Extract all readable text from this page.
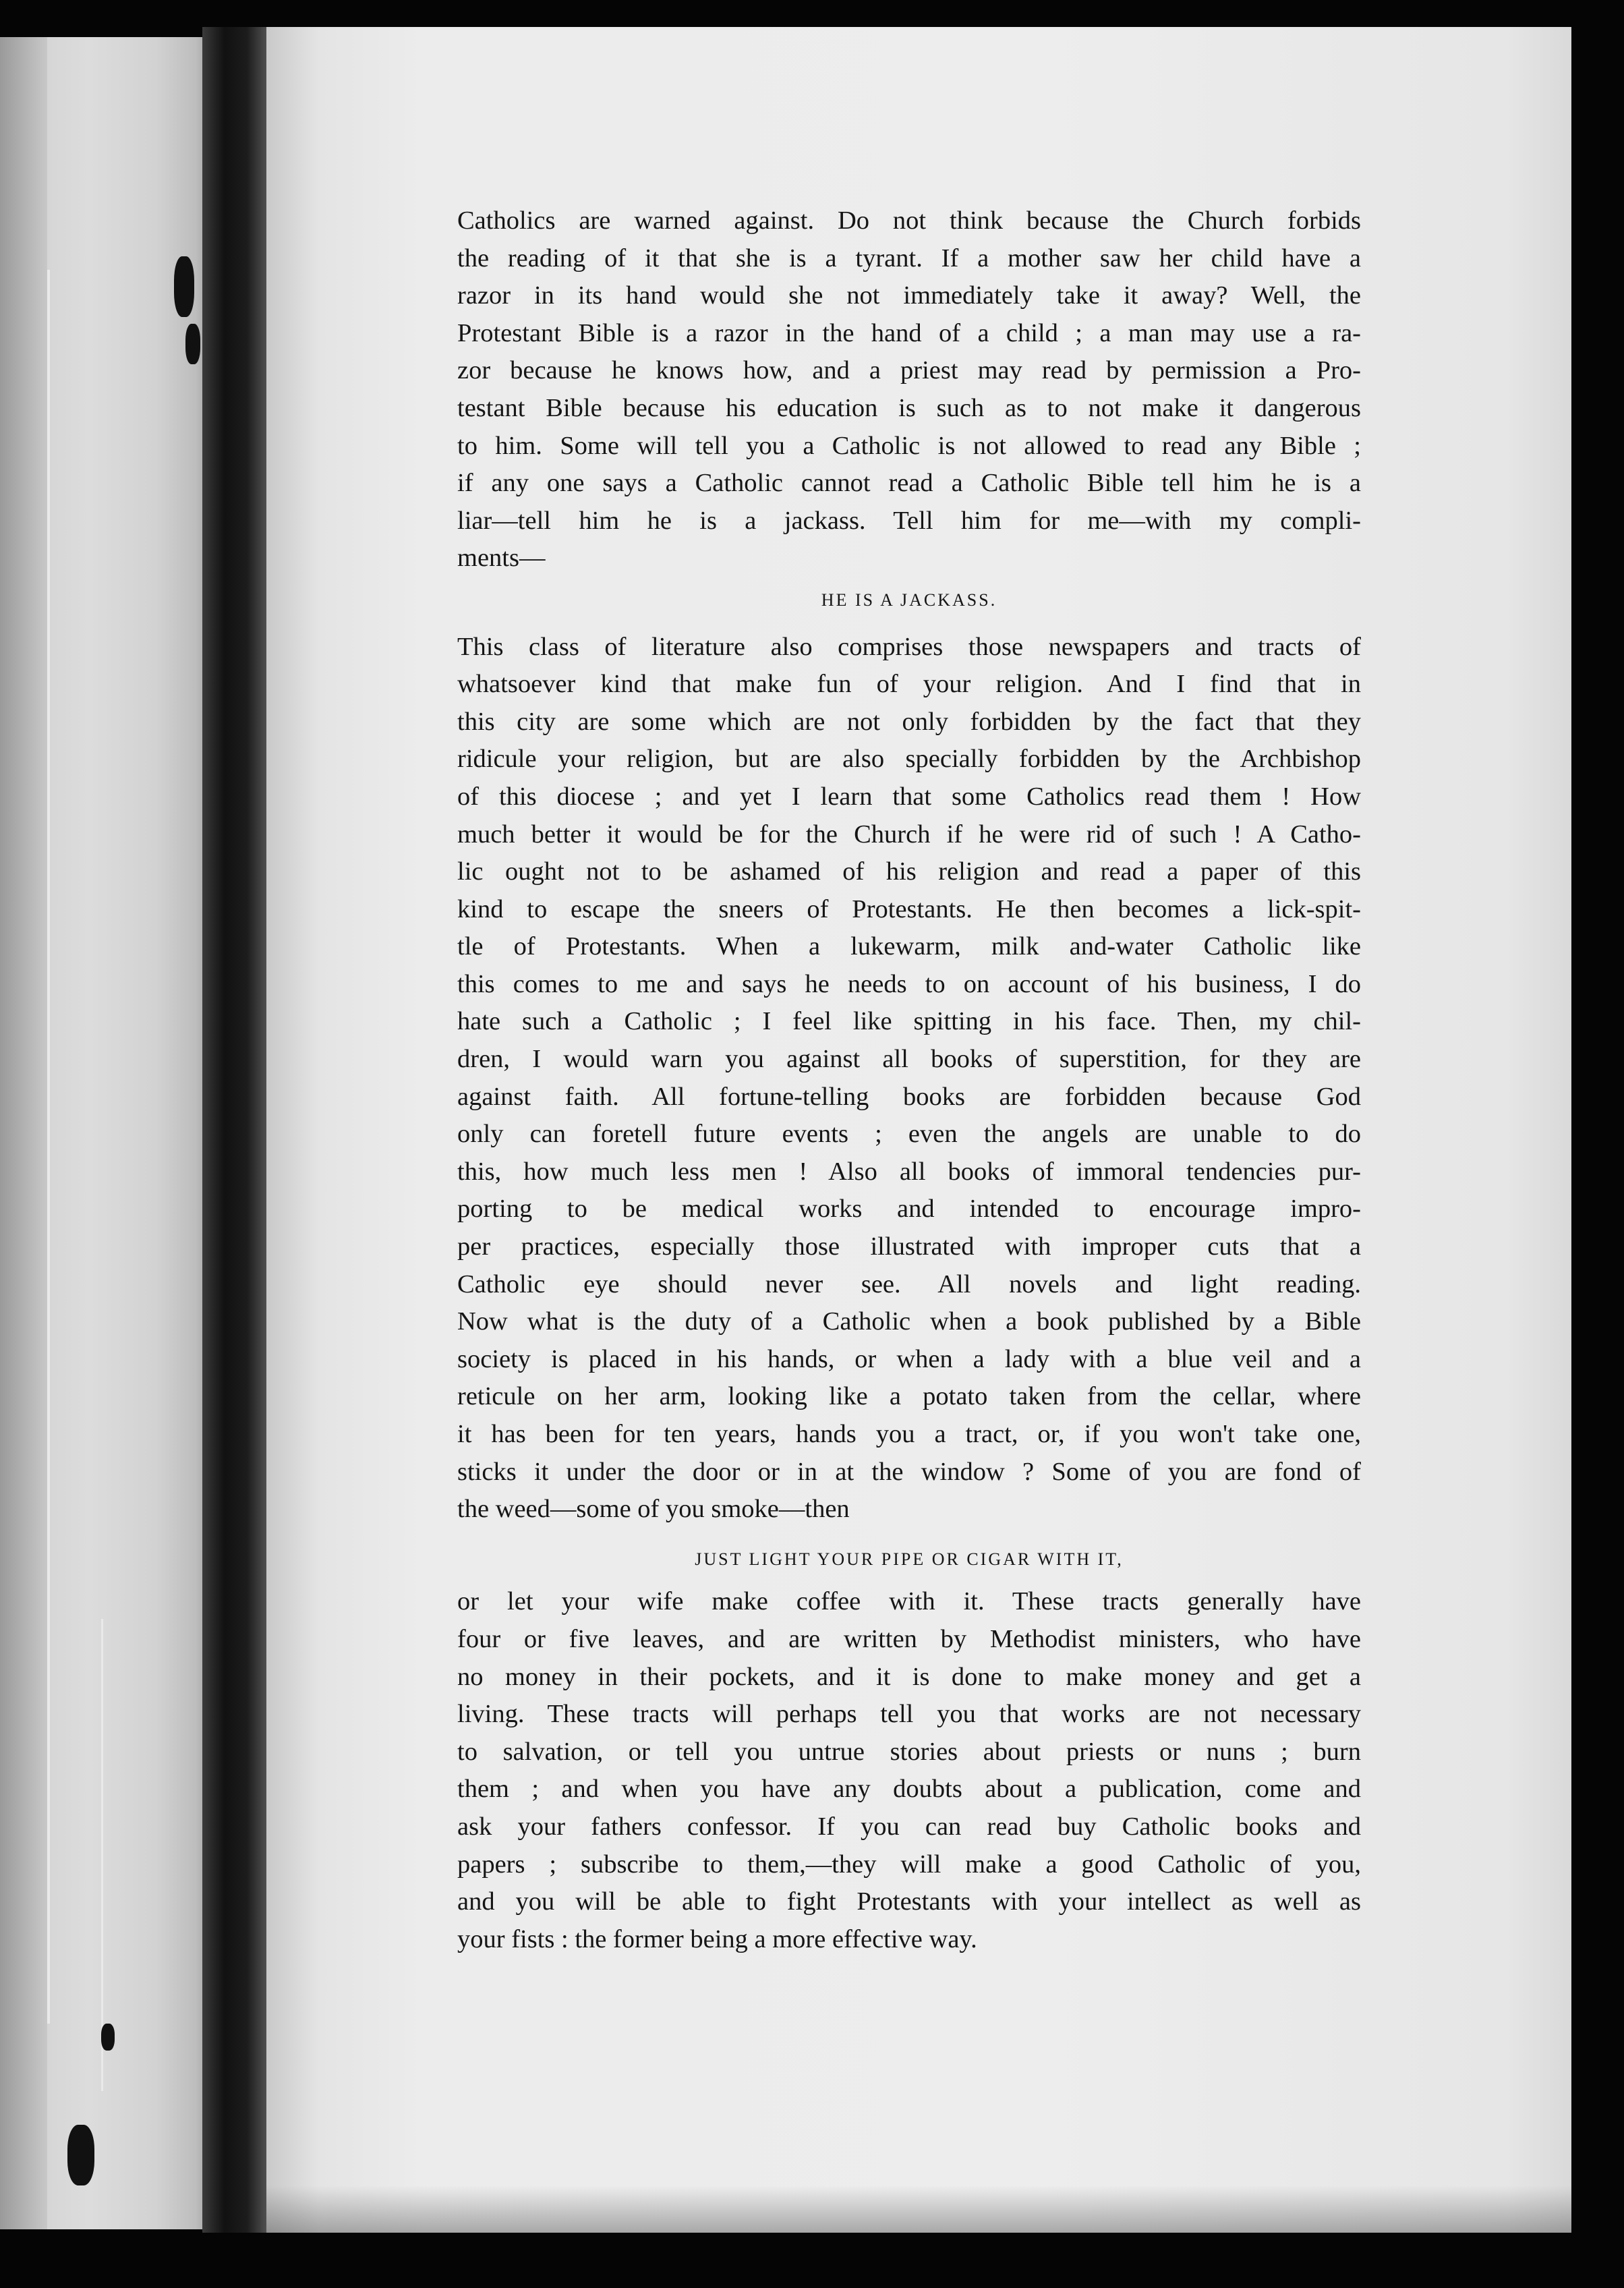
Catholics are warned against. Do not think because the Church forbids

the reading of it that she is a tyrant. If a mother saw her child have a

razor in its hand would she not immediately take it away? Well, the

Protestant Bible is a razor in the hand of a child ; a man may use a ra-

zor because he knows how, and a priest may read by permission a Pro-

testant Bible because his education is such as to not make it dangerous

to him. Some will tell you a Catholic is not allowed to read any Bible ;

if any one says a Catholic cannot read a Catholic Bible tell him he is a

liar—tell him he is a jackass. Tell him for me—with my compli-

ments—

HE IS A JACKASS.

This class of literature also comprises those newspapers and tracts of

whatsoever kind that make fun of your religion. And I find that in

this city are some which are not only forbidden by the fact that they

ridicule your religion, but are also specially forbidden by the Archbishop

of this diocese ; and yet I learn that some Catholics read them ! How

much better it would be for the Church if he were rid of such ! A Catho-

lic ought not to be ashamed of his religion and read a paper of this

kind to escape the sneers of Protestants. He then becomes a lick-spit-

tle of Protestants. When a lukewarm, milk and-water Catholic like

this comes to me and says he needs to on account of his business, I do

hate such a Catholic ; I feel like spitting in his face. Then, my chil-

dren, I would warn you against all books of superstition, for they are

against faith. All fortune-telling books are forbidden because God

only can foretell future events ; even the angels are unable to do

this, how much less men ! Also all books of immoral tendencies pur-

porting to be medical works and intended to encourage impro-

per practices, especially those illustrated with improper cuts that a

Catholic eye should never see. All novels and light reading.

Now what is the duty of a Catholic when a book published by a Bible

society is placed in his hands, or when a lady with a blue veil and a

reticule on her arm, looking like a potato taken from the cellar, where

it has been for ten years, hands you a tract, or, if you won't take one,

sticks it under the door or in at the window ? Some of you are fond of

the weed—some of you smoke—then

JUST LIGHT YOUR PIPE OR CIGAR WITH IT,

or let your wife make coffee with it. These tracts generally have

four or five leaves, and are written by Methodist ministers, who have

no money in their pockets, and it is done to make money and get a

living. These tracts will perhaps tell you that works are not necessary

to salvation, or tell you untrue stories about priests or nuns ; burn

them ; and when you have any doubts about a publication, come and

ask your fathers confessor. If you can read buy Catholic books and

papers ; subscribe to them,—they will make a good Catholic of you,

and you will be able to fight Protestants with your intellect as well as

your fists : the former being a more effective way.
